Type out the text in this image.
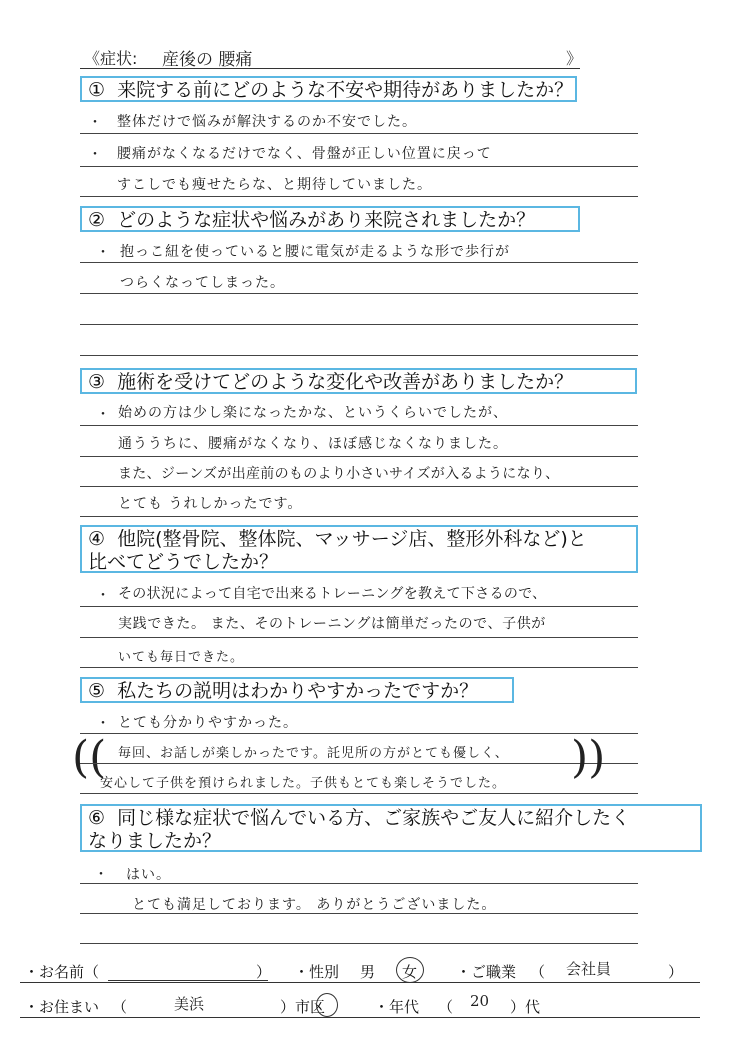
《症状: 産後の 腰痛	》
① 来院する前にどのような不安や期待がありましたか？
・ 整体だけで悩みが解決するのか不安でした。
・ 腰痛がなくなるだけでなく、骨盤が正しい位置に戻って
すこしでも痩せたらな、と期待していました。
② どのような症状や悩みがあり来院されましたか？
・ 抱っこ紐を使っていると腰に電気が走るような形で歩行が
つらくなってしまった。
③ 施術を受けてどのような変化や改善がありましたか？
・ 始めの方は少し楽になったかな、というくらいでしたが、
通ううちに、腰痛がなくなり、ほぼ感じなくなりました。
また、ジーンズが出産前のものより小さいサイズが入るようになり、
とても うれしかったです。
④ 他院(整骨院、整体院、マッサージ店、整形外科など)と
比べてどうでしたか？
・ その状況によって自宅で出来るトレーニングを教えて下さるので、
実践できた。 また、そのトレーニングは簡単だったので、子供が
いても毎日できた。
⑤ 私たちの説明はわかりやすかったですか？
・ とても分かりやすかった。
(( 毎回、お話しが楽しかったです。託児所の方がとても優しく、
安心して子供を預けられました。子供もとても楽しそうでした。
))
⑥ 同じ様な症状で悩んでいる方、ご家族やご友人に紹介したく
なりましたか？
・ はい。
とても満足しております。 ありがとうございました。
・お名前（	） ・性別 男 女	・ご職業 （ 会社員	）
・お住まい （	美浜	）市区	・年代 （ 20 ）代
